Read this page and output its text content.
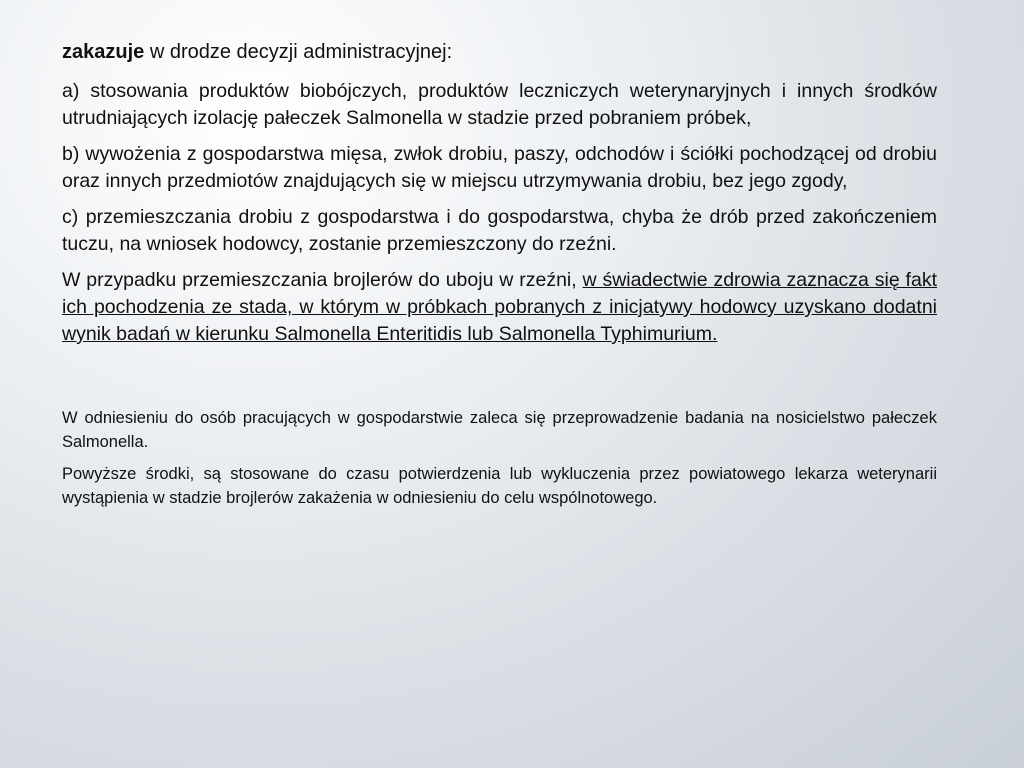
zakazuje w drodze decyzji administracyjnej:

a) stosowania produktów biobójczych, produktów leczniczych weterynaryjnych i innych środków utrudniających izolację pałeczek Salmonella w stadzie przed pobraniem próbek,

b) wywożenia z gospodarstwa mięsa, zwłok drobiu, paszy, odchodów i ściółki pochodzącej od drobiu oraz innych przedmiotów znajdujących się w miejscu utrzymywania drobiu, bez jego zgody,

c) przemieszczania drobiu z gospodarstwa i do gospodarstwa, chyba że drób przed zakończeniem tuczu, na wniosek hodowcy, zostanie przemieszczony do rzeźni.

W przypadku przemieszczania brojlerów do uboju w rzeźni, w świadectwie zdrowia zaznacza się fakt ich pochodzenia ze stada, w którym w próbkach pobranych z inicjatywy hodowcy uzyskano dodatni wynik badań w kierunku Salmonella Enteritidis lub Salmonella Typhimurium.

W odniesieniu do osób pracujących w gospodarstwie zaleca się przeprowadzenie badania na nosicielstwo pałeczek Salmonella.

Powyższe środki, są stosowane do czasu potwierdzenia lub wykluczenia przez powiatowego lekarza weterynarii wystąpienia w stadzie brojlerów zakażenia w odniesieniu do celu wspólnotowego.
